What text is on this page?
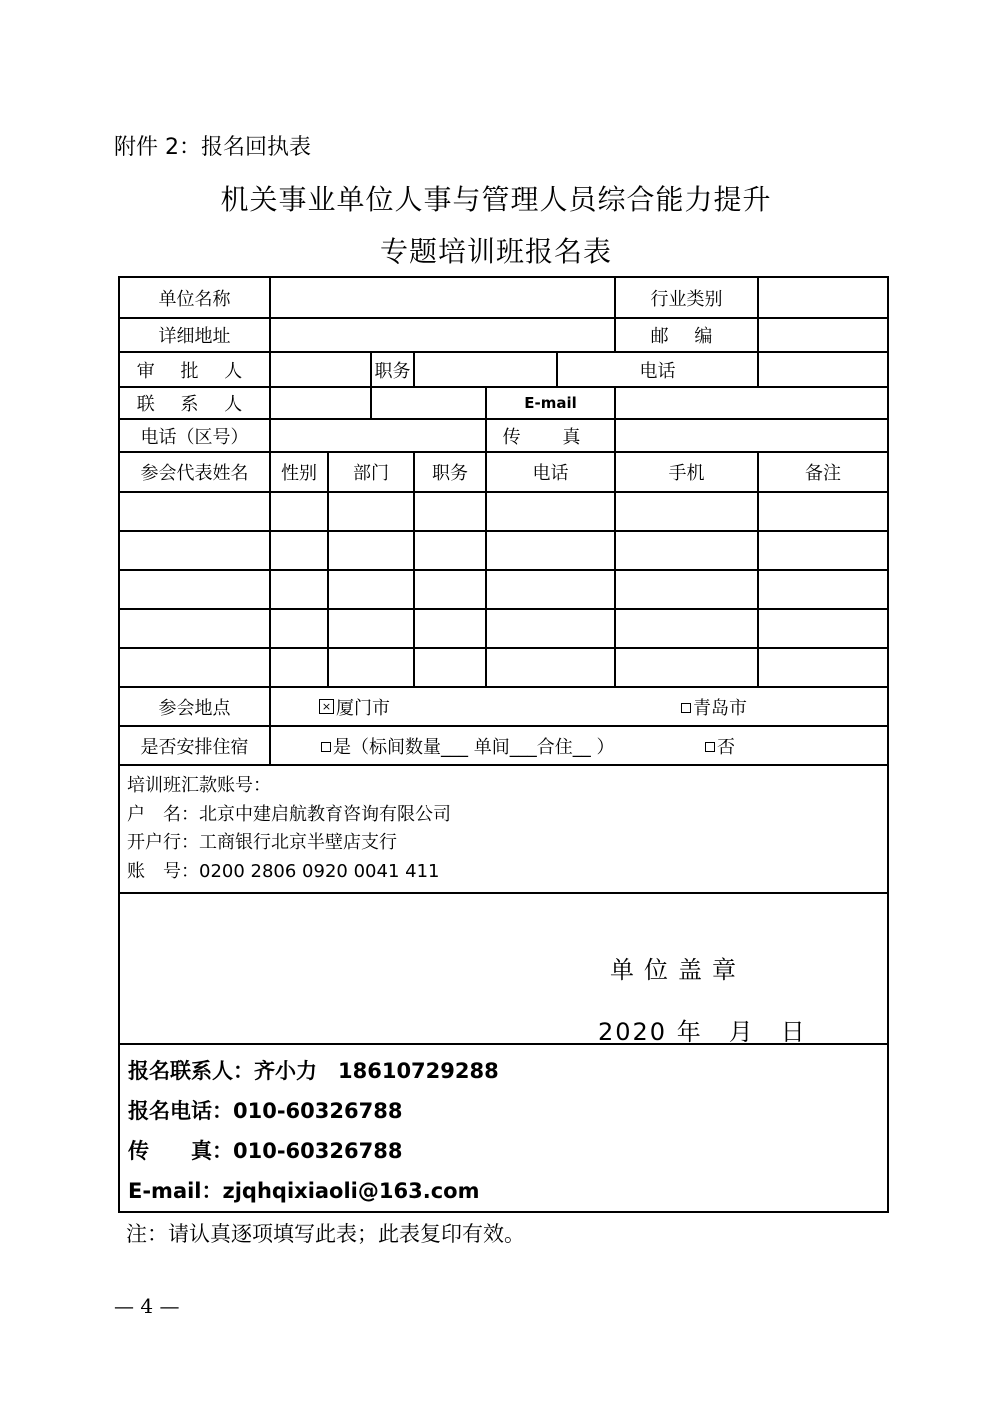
附件 2：报名回执表
机关事业单位人事与管理人员综合能力提升
专题培训班报名表
单位名称							行业类别	
详细地址							邮 编	
审 批 人			职务			电话		
联 系 人					E-mail			
电话（区号）					传 真			
参会代表姓名	性别	部门		职务	电话		手机	备注

参会地点	× 厦门市 青岛市							
是否安排住宿	是（标间数量___ 单间___合住__ ） 否							

培训班汇款账号：
户　名：北京中建启航教育咨询有限公司
开户行：工商银行北京半壁店支行
账　号：0200 2806 0920 0041 411								

单位盖章
2020 年　月　日								

报名联系人：齐小力　18610729288
报名电话：010-60326788
传　　真：010-60326788
E-mail：zjqhqixiaoli@163.com								
注：请认真逐项填写此表；此表复印有效。
— 4 —
